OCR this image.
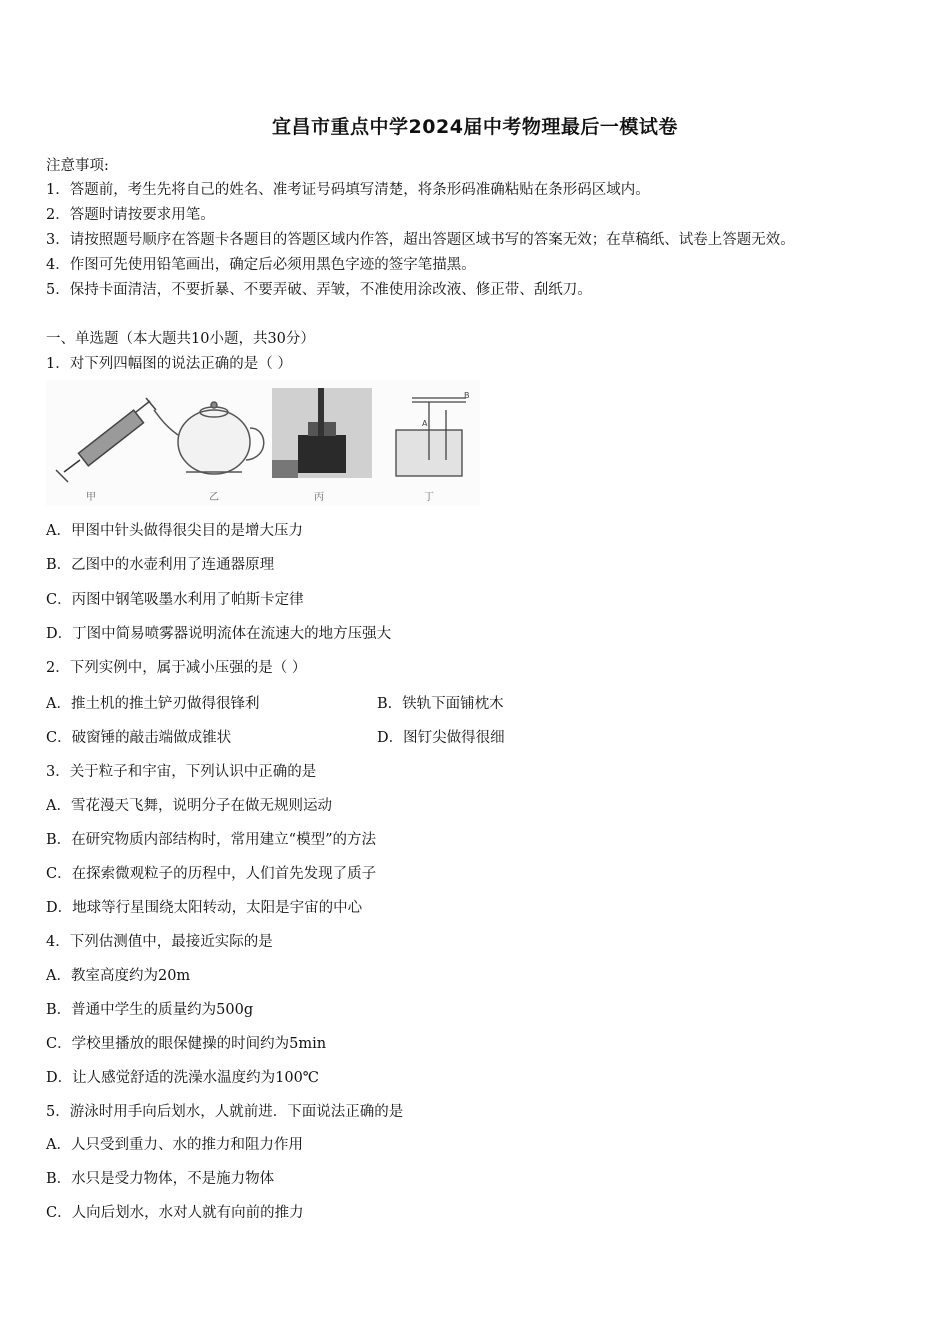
宜昌市重点中学2024届中考物理最后一模试卷
注意事项:
1．答题前，考生先将自己的姓名、准考证号码填写清楚，将条形码准确粘贴在条形码区域内。
2．答题时请按要求用笔。
3．请按照题号顺序在答题卡各题目的答题区域内作答，超出答题区域书写的答案无效；在草稿纸、试卷上答题无效。
4．作图可先使用铅笔画出，确定后必须用黑色字迹的签字笔描黑。
5．保持卡面清洁，不要折暴、不要弄破、弄皱，不准使用涂改液、修正带、刮纸刀。
一、单选题（本大题共10小题，共30分）
1．对下列四幅图的说法正确的是（ ）
A
B
甲	乙	丙	丁
A．甲图中针头做得很尖目的是增大压力
B．乙图中的水壶利用了连通器原理
C．丙图中钢笔吸墨水利用了帕斯卡定律
D．丁图中简易喷雾器说明流体在流速大的地方压强大
2．下列实例中，属于减小压强的是（ ）
A．推土机的推土铲刃做得很锋利	B．铁轨下面铺枕木
C．破窗锤的敲击端做成锥状	D．图钉尖做得很细
3．关于粒子和宇宙，下列认识中正确的是
A．雪花漫天飞舞，说明分子在做无规则运动
B．在研究物质内部结构时，常用建立“模型”的方法
C．在探索微观粒子的历程中，人们首先发现了质子
D．地球等行星围绕太阳转动，太阳是宇宙的中心
4．下列估测值中，最接近实际的是
A．教室高度约为20m
B．普通中学生的质量约为500g
C．学校里播放的眼保健操的时间约为5min
D．让人感觉舒适的洗澡水温度约为100℃
5．游泳时用手向后划水，人就前进．下面说法正确的是
A．人只受到重力、水的推力和阻力作用
B．水只是受力物体，不是施力物体
C．人向后划水，水对人就有向前的推力
